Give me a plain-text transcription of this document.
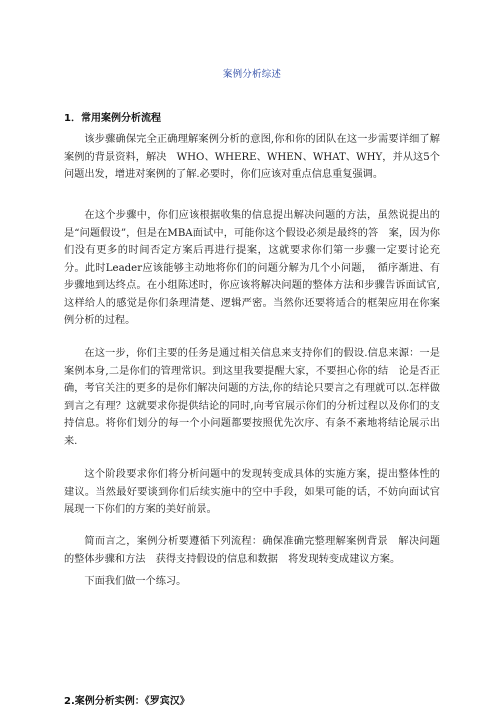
案例分析综述
1．常用案例分析流程

该步骤确保完全正确理解案例分析的意图,你和你的团队在这一步需要详细了解案例的背景资料，解决　WHO、WHERE、WHEN、WHAT、WHY，并从这5个问题出发，增进对案例的了解.必要时，你们应该对重点信息重复强调。

在这个步骤中，你们应该根据收集的信息提出解决问题的方法，虽然说提出的是“问题假设”，但是在MBA面试中，可能你这个假设必须是最终的答　案，因为你们没有更多的时间否定方案后再进行提案，这就要求你们第一步骤一定要讨论充分。此时Leader应该能够主动地将你们的问题分解为几个小问题，　循序渐进、有步骤地到达终点。在小组陈述时，你应该将解决问题的整体方法和步骤告诉面试官,这样给人的感觉是你们条理清楚、逻辑严密。当然你还要将适合的框架应用在你案例分析的过程。

在这一步，你们主要的任务是通过相关信息来支持你们的假设.信息来源：一是案例本身,二是你们的管理常识。到这里我要提醒大家，不要担心你的结　论是否正确，考官关注的更多的是你们解决问题的方法,你的结论只要言之有理就可以.怎样做到言之有理？这就要求你提供结论的同时,向考官展示你们的分析过程以及你们的支持信息。将你们划分的每一个小问题都要按照优先次序、有条不紊地将结论展示出来.

这个阶段要求你们将分析问题中的发现转变成具体的实施方案，提出整体性的建议。当然最好要谈到你们后续实施中的空中手段，如果可能的话，不妨向面试官展现一下你们的方案的美好前景。

简而言之，案例分析要遵循下列流程：确保准确完整理解案例背景　解决问题的整体步骤和方法　获得支持假设的信息和数据　将发现转变成建议方案。

下面我们做一个练习。

2.案例分析实例：《罗宾汉》
